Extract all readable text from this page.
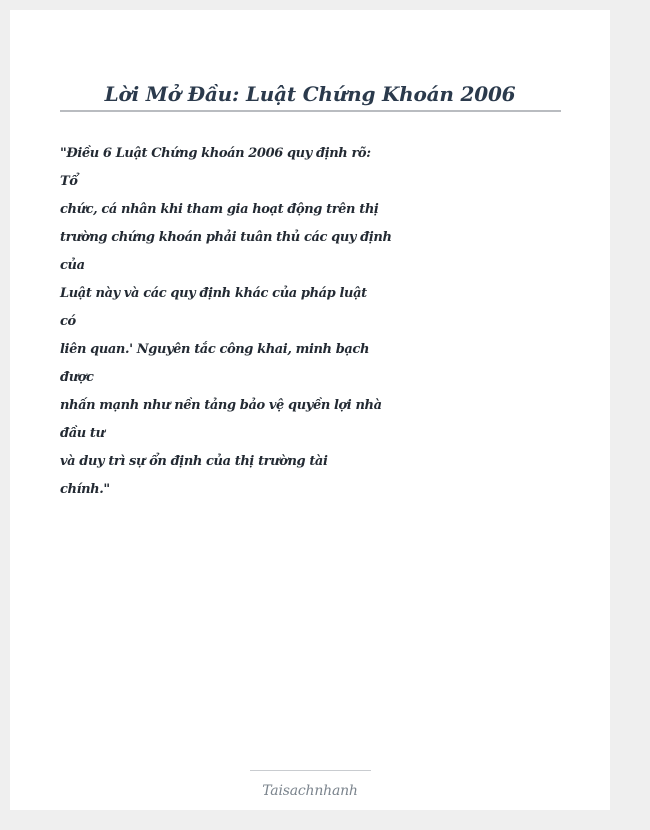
Lời Mở Đầu: Luật Chứng Khoán 2006
"Điều 6 Luật Chứng khoán 2006 quy định rõ:
Tổ
chức, cá nhân khi tham gia hoạt động trên thị
trường chứng khoán phải tuân thủ các quy định
của
Luật này và các quy định khác của pháp luật
có
liên quan.' Nguyên tắc công khai, minh bạch
được
nhấn mạnh như nền tảng bảo vệ quyền lợi nhà
đầu tư
và duy trì sự ổn định của thị trường tài
chính."
Taisachnhanh
